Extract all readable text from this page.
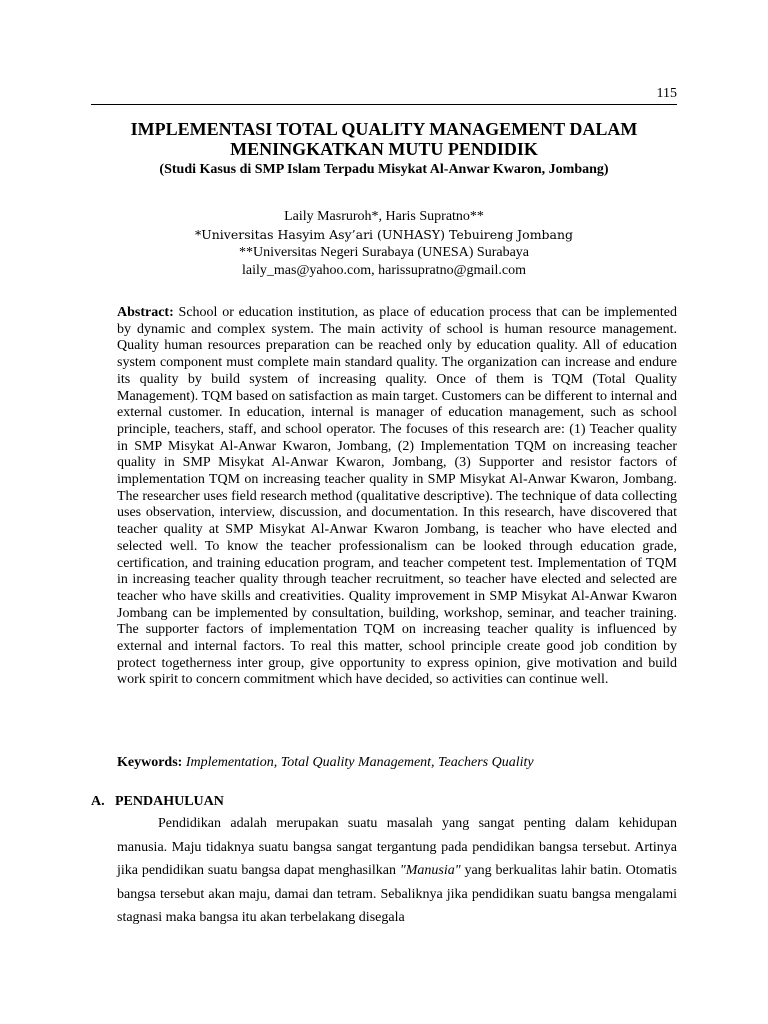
115

IMPLEMENTASI TOTAL QUALITY MANAGEMENT DALAM

MENINGKATKAN MUTU PENDIDIK

(Studi Kasus di SMP Islam Terpadu Misykat Al-Anwar Kwaron, Jombang)
Laily Masruroh*, Haris Supratno**
*Universitas Hasyim Asy’ari (UNHASY) Tebuireng Jombang
**Universitas Negeri Surabaya (UNESA) Surabaya
laily_mas@yahoo.com, harissupratno@gmail.com

Abstract: School or education institution, as place of education process that can be implemented by dynamic and complex system. The main activity of school is human resource management. Quality human resources preparation can be reached only by education quality. All of education system component must complete main standard quality. The organization can increase and endure its quality by build system of increasing quality. Once of them is TQM (Total Quality Management). TQM based on satisfaction as main target. Customers can be different to internal and external customer. In education, internal is manager of education management, such as school principle, teachers, staff, and school operator. The focuses of this research are: (1) Teacher quality in SMP Misykat Al-Anwar Kwaron, Jombang, (2) Implementation TQM on increasing teacher quality in SMP Misykat Al-Anwar Kwaron, Jombang, (3) Supporter and resistor factors of implementation TQM on increasing teacher quality in SMP Misykat Al-Anwar Kwaron, Jombang. The researcher uses field research method (qualitative descriptive). The technique of data collecting uses observation, interview, discussion, and documentation. In this research, have discovered that teacher quality at SMP Misykat Al-Anwar Kwaron Jombang, is teacher who have elected and selected well. To know the teacher professionalism can be looked through education grade, certification, and training education program, and teacher competent test. Implementation of TQM in increasing teacher quality through teacher recruitment, so teacher have elected and selected are teacher who have skills and creativities. Quality improvement in SMP Misykat Al-Anwar Kwaron Jombang can be implemented by consultation, building, workshop, seminar, and teacher training. The supporter factors of implementation TQM on increasing teacher quality is influenced by external and internal factors. To real this matter, school principle create good job condition by protect togetherness inter group, give opportunity to express opinion, give motivation and build work spirit to concern commitment which have decided, so activities can continue well.

Keywords: Implementation, Total Quality Management, Teachers Quality
A. PENDAHULUAN

Pendidikan adalah merupakan suatu masalah yang sangat penting dalam kehidupan manusia. Maju tidaknya suatu bangsa sangat tergantung pada pendidikan bangsa tersebut. Artinya jika pendidikan suatu bangsa dapat menghasilkan "Manusia" yang berkualitas lahir batin. Otomatis bangsa tersebut akan maju, damai dan tetram. Sebaliknya jika pendidikan suatu bangsa mengalami stagnasi maka bangsa itu akan terbelakang disegala
